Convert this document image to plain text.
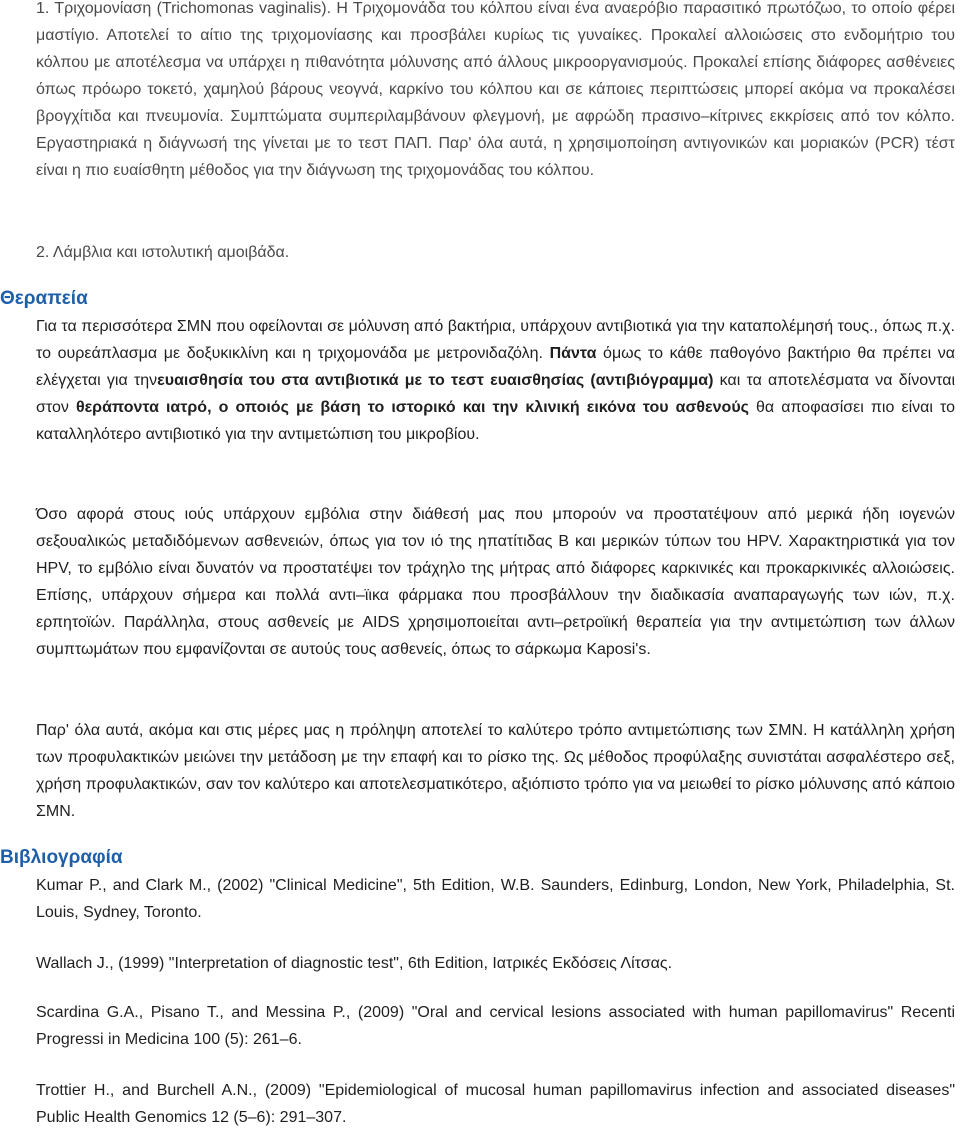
1. Τριχομονίαση (Trichomonas vaginalis). Η Τριχομονάδα του κόλπου είναι ένα αναερόβιο παρασιτικό πρωτόζωο, το οποίο φέρει μαστίγιο. Αποτελεί το αίτιο της τριχομονίασης και προσβάλει κυρίως τις γυναίκες. Προκαλεί αλλοιώσεις στο ενδομήτριο του κόλπου με αποτέλεσμα να υπάρχει η πιθανότητα μόλυνσης από άλλους μικροοργανισμούς. Προκαλεί επίσης διάφορες ασθένειες όπως πρόωρο τοκετό, χαμηλού βάρους νεογνά, καρκίνο του κόλπου και σε κάποιες περιπτώσεις μπορεί ακόμα να προκαλέσει βρογχίτιδα και πνευμονία. Συμπτώματα συμπεριλαμβάνουν φλεγμονή, με αφρώδη πρασινο–κίτρινες εκκρίσεις από τον κόλπο. Εργαστηριακά η διάγνωσή της γίνεται με το τεστ ΠΑΠ. Παρ' όλα αυτά, η χρησιμοποίηση αντιγονικών και μοριακών (PCR) τέστ είναι η πιο ευαίσθητη μέθοδος για την διάγνωση της τριχομονάδας του κόλπου.

2. Λάμβλια και ιστολυτική αμοιβάδα.

Θεραπεία

Για τα περισσότερα ΣΜΝ που οφείλονται σε μόλυνση από βακτήρια, υπάρχουν αντιβιοτικά για την καταπολέμησή τους., όπως π.χ. το ουρεάπλασμα με δοξυκικλίνη και η τριχομονάδα με μετρονιδαζόλη. Πάντα όμως το κάθε παθογόνο βακτήριο θα πρέπει να ελέγχεται για τηνευαισθησία του στα αντιβιοτικά με το τεστ ευαισθησίας (αντιβιόγραμμα) και τα αποτελέσματα να δίνονται στον θεράποντα ιατρό, ο οποιός με βάση το ιστορικό και την κλινική εικόνα του ασθενούς θα αποφασίσει πιο είναι το καταλληλότερο αντιβιοτικό για την αντιμετώπιση του μικροβίου.

Όσο αφορά στους ιούς υπάρχουν εμβόλια στην διάθεσή μας που μπορούν να προστατέψουν από μερικά ήδη ιογενών σεξουαλικώς μεταδιδόμενων ασθενειών, όπως για τον ιό της ηπατίτιδας Β και μερικών τύπων του HPV. Χαρακτηριστικά για τον HPV, το εμβόλιο είναι δυνατόν να προστατέψει τον τράχηλο της μήτρας από διάφορες καρκινικές και προκαρκινικές αλλοιώσεις. Επίσης, υπάρχουν σήμερα και πολλά αντι–ϊικα φάρμακα που προσβάλλουν την διαδικασία αναπαραγωγής των ιών, π.χ. ερπητοϊών. Παράλληλα, στους ασθενείς με AIDS χρησιμοποιείται αντι–ρετροϊική θεραπεία για την αντιμετώπιση των άλλων συμπτωμάτων που εμφανίζονται σε αυτούς τους ασθενείς, όπως το σάρκωμα Kaposi's.

Παρ' όλα αυτά, ακόμα και στις μέρες μας η πρόληψη αποτελεί το καλύτερο τρόπο αντιμετώπισης των ΣΜΝ. Η κατάλληλη χρήση των προφυλακτικών μειώνει την μετάδοση με την επαφή και το ρίσκο της. Ως μέθοδος προφύλαξης συνιστάται ασφαλέστερο σεξ, χρήση προφυλακτικών, σαν τον καλύτερο και αποτελεσματικότερο, αξιόπιστο τρόπο για να μειωθεί το ρίσκο μόλυνσης από κάποιο ΣΜΝ.

Βιβλιογραφία

Kumar P., and Clark M., (2002) "Clinical Medicine", 5th Edition, W.B. Saunders, Edinburg, London, New York, Philadelphia, St. Louis, Sydney, Toronto.

Wallach J., (1999) "Interpretation of diagnostic test", 6th Edition, Ιατρικές Εκδόσεις Λίτσας.

Scardina G.A., Pisano T., and Messina P., (2009) "Oral and cervical lesions associated with human papillomavirus" Recenti Progressi in Medicina 100 (5): 261–6.

Trottier H., and Burchell A.N., (2009) "Epidemiological of mucosal human papillomavirus infection and associated diseases" Public Health Genomics 12 (5–6): 291–307.
